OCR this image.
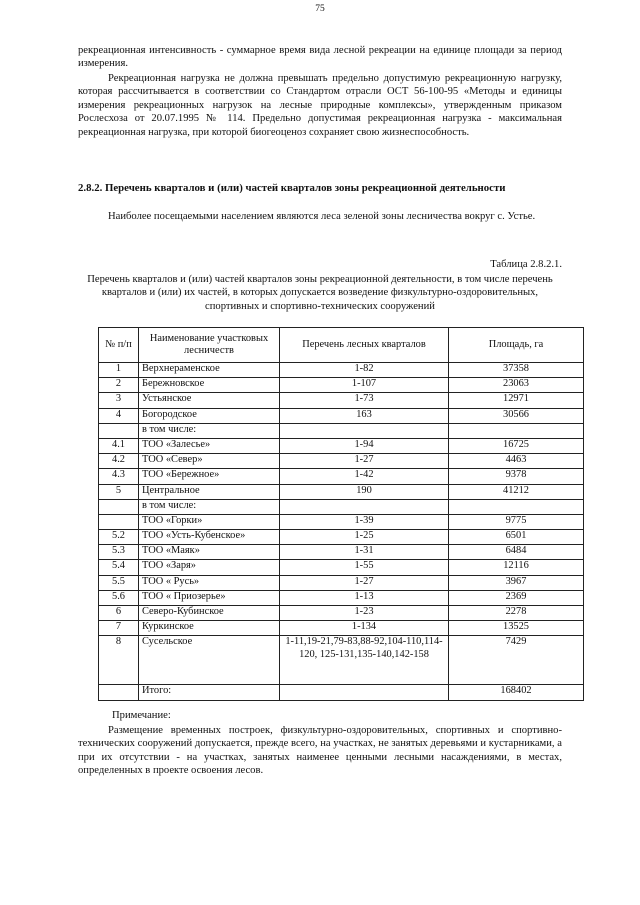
75

рекреационная интенсивность - суммарное время вида лесной рекреации на единице площади за период измерения.

Рекреационная нагрузка не должна превышать предельно допустимую рекреационную нагрузку, которая рассчитывается в соответствии со Стандартом отрасли ОСТ 56-100-95 «Методы и единицы измерения рекреационных нагрузок на лесные природные комплексы», утвержденным приказом Рослесхоза от 20.07.1995 № 114. Предельно допустимая рекреационная нагрузка - максимальная рекреационная нагрузка, при которой биогеоценоз сохраняет свою жизнеспособность.

2.8.2. Перечень кварталов и (или) частей кварталов зоны рекреационной деятельности

Наиболее посещаемыми населением являются леса зеленой зоны лесничества вокруг с. Устье.

Таблица 2.8.2.1.

Перечень кварталов и (или) частей кварталов зоны рекреационной деятельности, в том числе перечень кварталов и (или) их частей, в которых допускается возведение физкультурно-оздоровительных, спортивных и спортивно-технических сооружений

№ п/п	Наименование участковых лесничеств	Перечень лесных кварталов	Площадь, га
1	Верхнераменское	1-82	37358
2	Бережновское	1-107	23063
3	Устьянское	1-73	12971
4	Богородское	163	30566
	в том числе:		
4.1	ТОО «Залесье»	1-94	16725
4.2	ТОО «Север»	1-27	4463
4.3	ТОО «Бережное»	1-42	9378
5	Центральное	190	41212
	в том числе:		
	ТОО «Горки»	1-39	9775
5.2	ТОО «Усть-Кубенское»	1-25	6501
5.3	ТОО «Маяк»	1-31	6484
5.4	ТОО «Заря»	1-55	12116
5.5	ТОО « Русь»	1-27	3967
5.6	ТОО « Приозерье»	1-13	2369
6	Северо-Кубинское	1-23	2278
7	Куркинское	1-134	13525
8	Сусельское	1-11,19-21,79-83,88-92,104-110,114-120, 125-131,135-140,142-158	7429
	Итого:		168402

Примечание:

Размещение временных построек, физкультурно-оздоровительных, спортивных и спортивно-технических сооружений допускается, прежде всего, на участках, не занятых деревьями и кустарниками, а при их отсутствии - на участках, занятых наименее ценными лесными насаждениями, в местах, определенных в проекте освоения лесов.
